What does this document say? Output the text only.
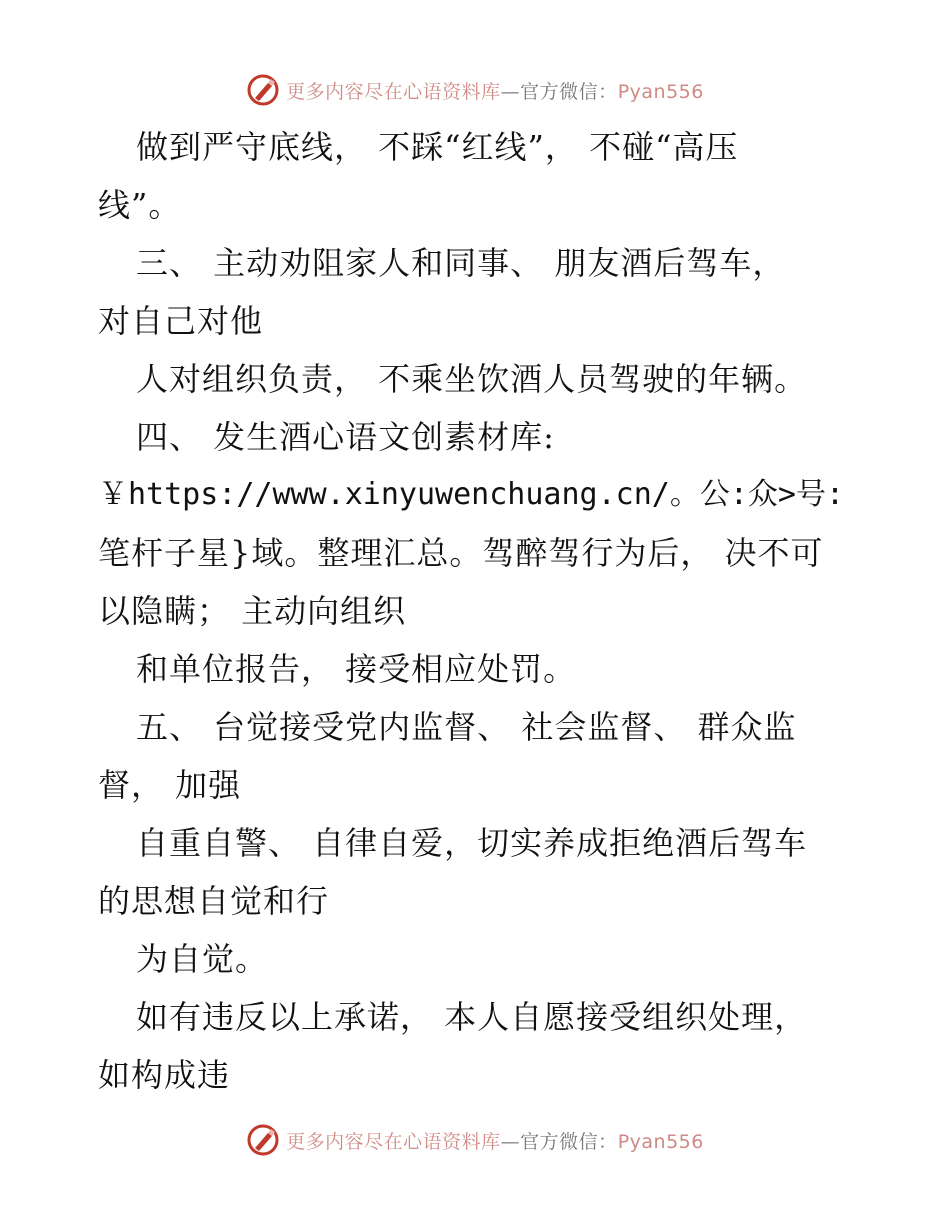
更多内容尽在心语资料库—官方微信：Pyan556
做到严守底线， 不踩“红线”， 不碰“高压
线”。
三、 主动劝阻家人和同事、 朋友酒后驾车，
对自己对他
人对组织负责， 不乘坐饮酒人员驾驶的年辆。
四、 发生酒心语文创素材库:
￥https://www.xinyuwenchuang.cn/。公:众>号:
笔杆子星}域。整理汇总。驾醉驾行为后， 决不可
以隐瞒； 主动向组织
和单位报告， 接受相应处罚。
五、 台觉接受党内监督、 社会监督、 群众监
督， 加强
自重自警、 自律自爱，切实养成拒绝酒后驾车
的思想自觉和行
为自觉。
如有违反以上承诺， 本人自愿接受组织处理，
如构成违
更多内容尽在心语资料库—官方微信：Pyan556
